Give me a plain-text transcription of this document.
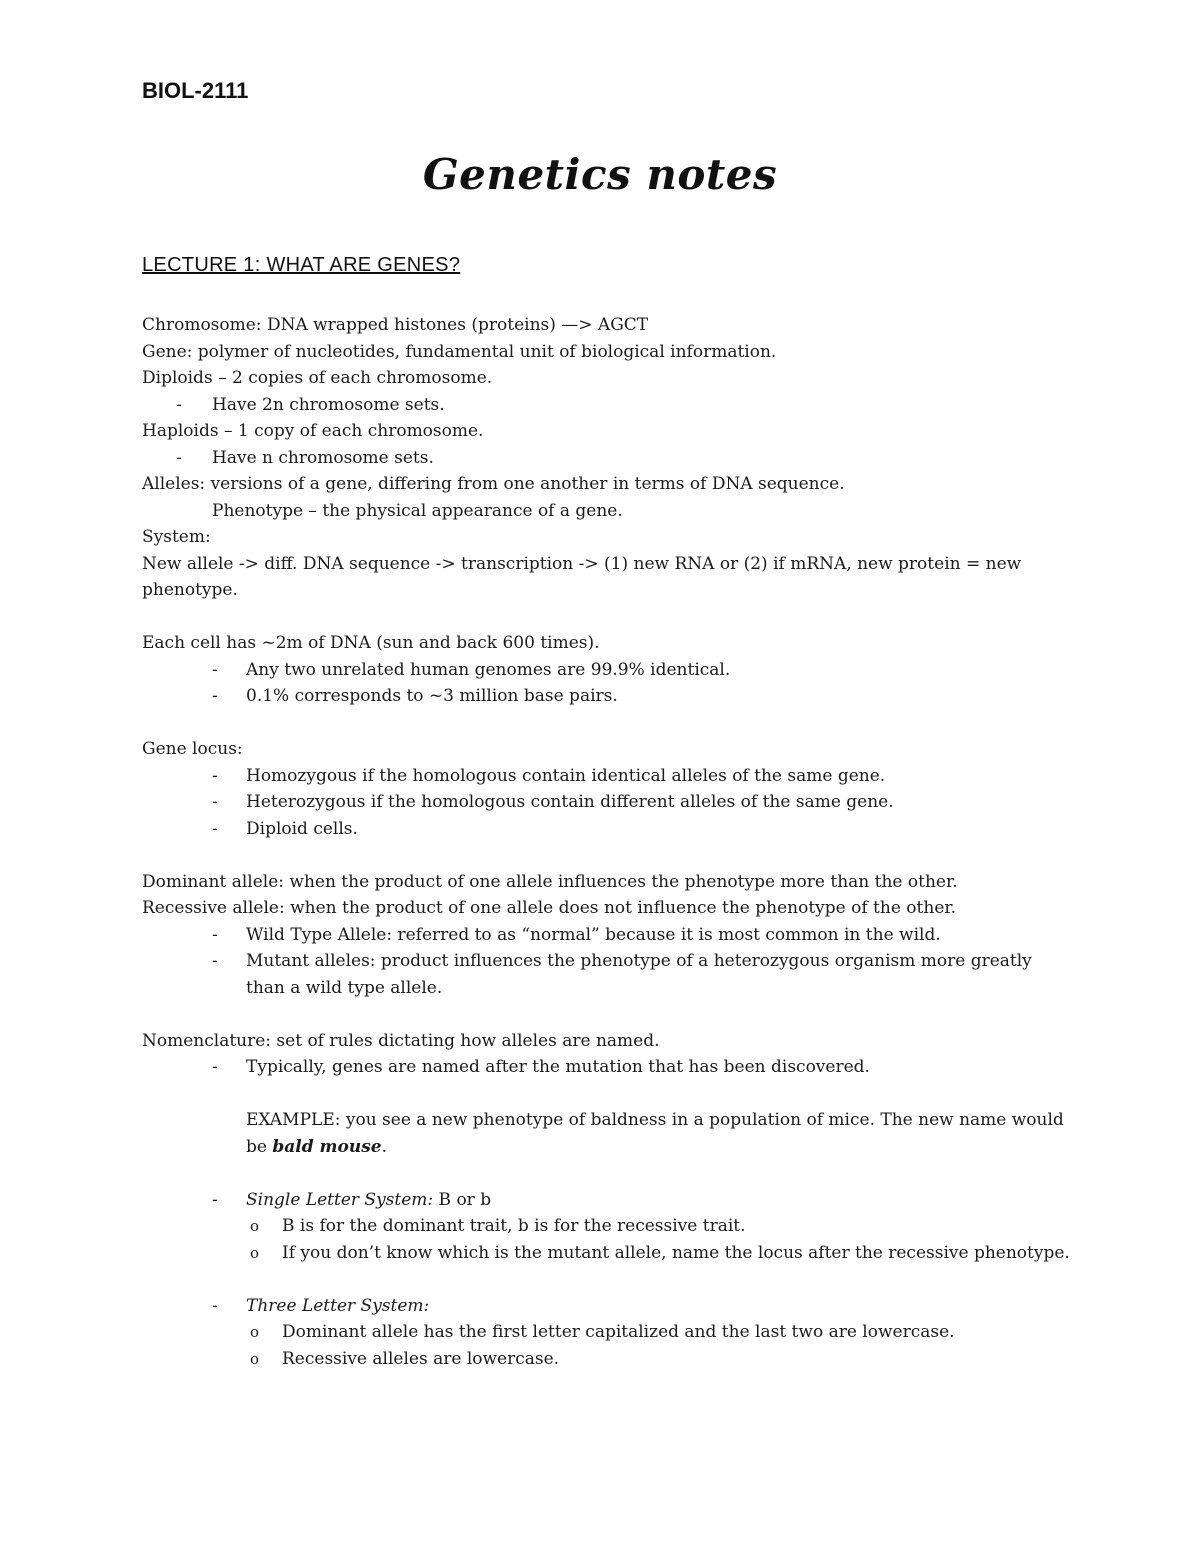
BIOL-2111
Genetics notes
LECTURE 1: WHAT ARE GENES?
Chromosome: DNA wrapped histones (proteins) —> AGCT
Gene: polymer of nucleotides, fundamental unit of biological information.
Diploids – 2 copies of each chromosome.
- Have 2n chromosome sets.
Haploids – 1 copy of each chromosome.
- Have n chromosome sets.
Alleles: versions of a gene, differing from one another in terms of DNA sequence.
Phenotype – the physical appearance of a gene.
System:
New allele -> diff. DNA sequence -> transcription -> (1) new RNA or (2) if mRNA, new protein = new phenotype.
Each cell has ~2m of DNA (sun and back 600 times).
- Any two unrelated human genomes are 99.9% identical.
- 0.1% corresponds to ~3 million base pairs.
Gene locus:
- Homozygous if the homologous contain identical alleles of the same gene.
- Heterozygous if the homologous contain different alleles of the same gene.
- Diploid cells.
Dominant allele: when the product of one allele influences the phenotype more than the other.
Recessive allele: when the product of one allele does not influence the phenotype of the other.
- Wild Type Allele: referred to as “normal” because it is most common in the wild.
- Mutant alleles: product influences the phenotype of a heterozygous organism more greatly than a wild type allele.
Nomenclature: set of rules dictating how alleles are named.
- Typically, genes are named after the mutation that has been discovered.
EXAMPLE: you see a new phenotype of baldness in a population of mice. The new name would be bald mouse.
- Single Letter System: B or b
o B is for the dominant trait, b is for the recessive trait.
o If you don’t know which is the mutant allele, name the locus after the recessive phenotype.
- Three Letter System:
o Dominant allele has the first letter capitalized and the last two are lowercase.
o Recessive alleles are lowercase.
